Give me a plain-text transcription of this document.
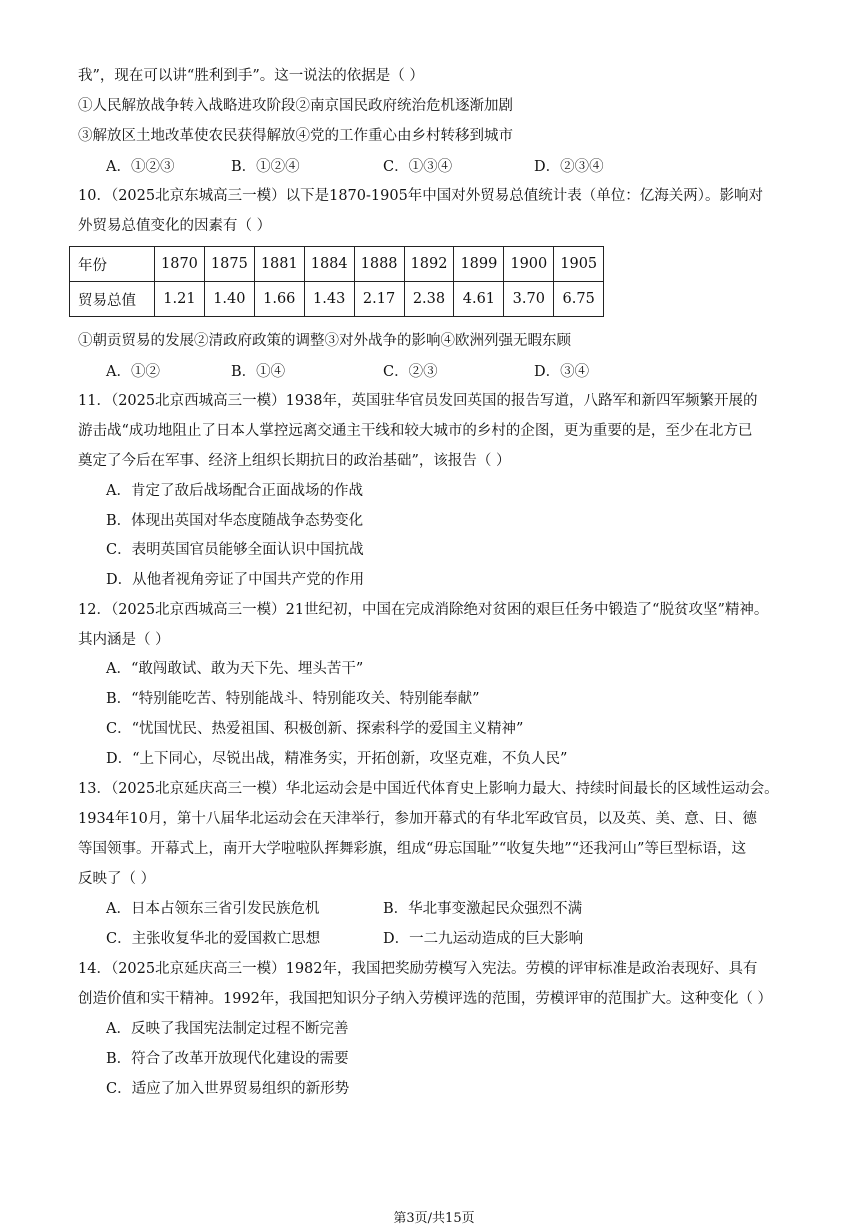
我”，现在可以讲“胜利到手”。这一说法的依据是（ ）
①人民解放战争转入战略进攻阶段②南京国民政府统治危机逐渐加剧
③解放区土地改革使农民获得解放④党的工作重心由乡村转移到城市
A．①②③	B．①②④	C．①③④	D．②③④
10．（2025北京东城高三一模）以下是1870-1905年中国对外贸易总值统计表（单位：亿海关两）。影响对
外贸易总值变化的因素有（ ）
年份	1870	1875	1881	1884	1888	1892	1899	1900	1905
贸易总值	1.21	1.40	1.66	1.43	2.17	2.38	4.61	3.70	6.75
①朝贡贸易的发展②清政府政策的调整③对外战争的影响④欧洲列强无暇东顾
A．①②	B．①④	C．②③	D．③④
11．（2025北京西城高三一模）1938年，英国驻华官员发回英国的报告写道，八路军和新四军频繁开展的
游击战“成功地阻止了日本人掌控远离交通主干线和较大城市的乡村的企图，更为重要的是，至少在北方已
奠定了今后在军事、经济上组织长期抗日的政治基础”，该报告（ ）
A．肯定了敌后战场配合正面战场的作战
B．体现出英国对华态度随战争态势变化
C．表明英国官员能够全面认识中国抗战
D．从他者视角旁证了中国共产党的作用
12．（2025北京西城高三一模）21世纪初，中国在完成消除绝对贫困的艰巨任务中锻造了“脱贫攻坚”精神。
其内涵是（ ）
A．“敢闯敢试、敢为天下先、埋头苦干”
B．“特别能吃苦、特别能战斗、特别能攻关、特别能奉献”
C．“忧国忧民、热爱祖国、积极创新、探索科学的爱国主义精神”
D．“上下同心，尽锐出战，精准务实，开拓创新，攻坚克难，不负人民”
13．（2025北京延庆高三一模）华北运动会是中国近代体育史上影响力最大、持续时间最长的区域性运动会。
1934年10月，第十八届华北运动会在天津举行，参加开幕式的有华北军政官员，以及英、美、意、日、德
等国领事。开幕式上，南开大学啦啦队挥舞彩旗，组成“毋忘国耻”“收复失地”“还我河山”等巨型标语，这
反映了（ ）
A．日本占领东三省引发民族危机	B．华北事变激起民众强烈不满
C．主张收复华北的爱国救亡思想	D．一二九运动造成的巨大影响
14．（2025北京延庆高三一模）1982年，我国把奖励劳模写入宪法。劳模的评审标准是政治表现好、具有
创造价值和实干精神。1992年，我国把知识分子纳入劳模评选的范围，劳模评审的范围扩大。这种变化（ ）
A．反映了我国宪法制定过程不断完善
B．符合了改革开放现代化建设的需要
C．适应了加入世界贸易组织的新形势
第3页/共15页
